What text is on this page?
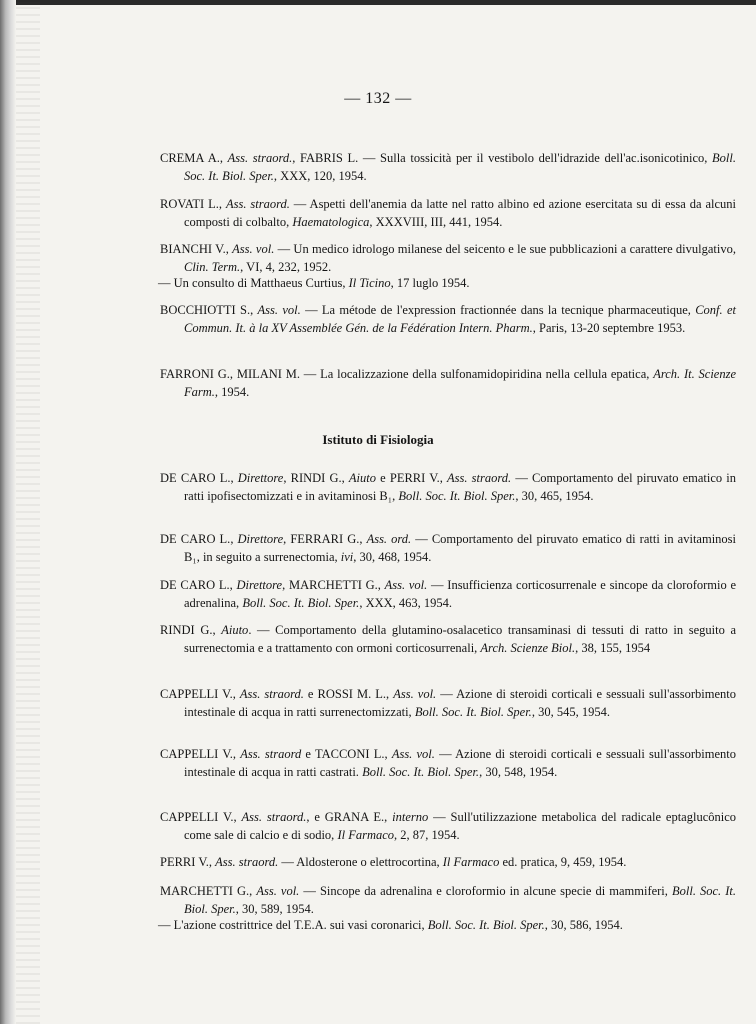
— 132 —
CREMA A., Ass. straord., FABRIS L. — Sulla tossicità per il vestibolo dell'idrazide dell'ac.isonicotinico, Boll. Soc. It. Biol. Sper., XXX, 120, 1954.
ROVATI L., Ass. straord. — Aspetti dell'anemia da latte nel ratto albino ed azione esercitata su di essa da alcuni composti di colbalto, Haematologica, XXXVIII, III, 441, 1954.
BIANCHI V., Ass. vol. — Un medico idrologo milanese del seicento e le sue pubblicazioni a carattere divulgativo, Clin. Term., VI, 4, 232, 1952.
— Un consulto di Matthaeus Curtius, Il Ticino, 17 luglo 1954.
BOCCHIOTTI S., Ass. vol. — La métode de l'expression fractionnée dans la tecnique pharmaceutique, Conf. et Commun. It. à la XV Assemblée Gén. de la Fédération Intern. Pharm., Paris, 13-20 septembre 1953.
FARRONI G., MILANI M. — La localizzazione della sulfonamidopiridina nella cellula epatica, Arch. It. Scienze Farm., 1954.
Istituto di Fisiologia
DE CARO L., Direttore, RINDI G., Aiuto e PERRI V., Ass. straord. — Comportamento del piruvato ematico in ratti ipofisectomizzati e in avitaminosi B₁, Boll. Soc. It. Biol. Sper., 30, 465, 1954.
DE CARO L., Direttore, FERRARI G., Ass. ord. — Comportamento del piruvato ematico di ratti in avitaminosi B₁, in seguito a surrenectomia, ivi, 30, 468, 1954.
DE CARO L., Direttore, MARCHETTI G., Ass. vol. — Insufficienza corticosurrenale e sincope da cloroformio e adrenalina, Boll. Soc. It. Biol. Sper., XXX, 463, 1954.
RINDI G., Aiuto. — Comportamento della glutamino-osalacetico transaminasi di tessuti di ratto in seguito a surrenectomia e a trattamento con ormoni corticosurrenali, Arch. Scienze Biol., 38, 155, 1954
CAPPELLI V., Ass. straord. e ROSSI M. L., Ass. vol. — Azione di steroidi corticali e sessuali sull'assorbimento intestinale di acqua in ratti surrenectomizzati, Boll. Soc. It. Biol. Sper., 30, 545, 1954.
CAPPELLI V., Ass. straord e TACCONI L., Ass. vol. — Azione di steroidi corticali e sessuali sull'assorbimento intestinale di acqua in ratti castrati. Boll. Soc. It. Biol. Sper., 30, 548, 1954.
CAPPELLI V., Ass. straord., e GRANA E., interno — Sull'utilizzazione metabolica del radicale eptaglucônico come sale di calcio e di sodio, Il Farmaco, 2, 87, 1954.
PERRI V., Ass. straord. — Aldosterone o elettrocortina, Il Farmaco ed. pratica, 9, 459, 1954.
MARCHETTI G., Ass. vol. — Sincope da adrenalina e cloroformio in alcune specie di mammiferi, Boll. Soc. It. Biol. Sper., 30, 589, 1954.
— L'azione costrittrice del T.E.A. sui vasi coronarici, Boll. Soc. It. Biol. Sper., 30, 586, 1954.
